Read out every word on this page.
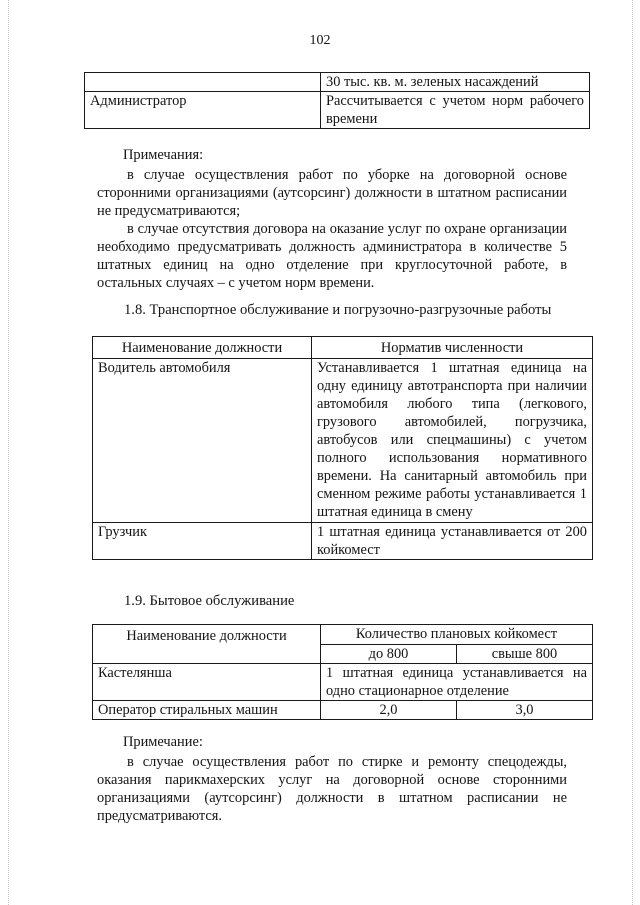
102
	30 тыс. кв. м. зеленых насаждений
Администратор	Рассчитывается с учетом норм рабочего времени
Примечания:

в случае осуществления работ по уборке на договорной основе сторонними организациями (аутсорсинг) должности в штатном расписании не предусматриваются;

в случае отсутствия договора на оказание услуг по охране организации необходимо предусматривать должность администратора в количестве 5 штатных единиц на одно отделение при круглосуточной работе, в остальных случаях – с учетом норм времени.

1.8. Транспортное обслуживание и погрузочно-разгрузочные работы
Наименование должности	Норматив численности
Водитель автомобиля	Устанавливается 1 штатная единица на одну единицу автотранспорта при наличии автомобиля любого типа (легкового, грузового автомобилей, погрузчика, автобусов или спецмашины) с учетом полного использования нормативного времени. На санитарный автомобиль при сменном режиме работы устанавливается 1 штатная единица в смену
Грузчик	1 штатная единица устанавливается от 200 койкомест
1.9. Бытовое обслуживание
Наименование должности	Количество плановых койкомест	
	до 800	свыше 800
Кастелянша	1 штатная единица устанавливается на одно стационарное отделение	
Оператор стиральных машин	2,0	3,0
Примечание:

в случае осуществления работ по стирке и ремонту спецодежды, оказания парикмахерских услуг на договорной основе сторонними организациями (аутсорсинг) должности в штатном расписании не предусматриваются.
